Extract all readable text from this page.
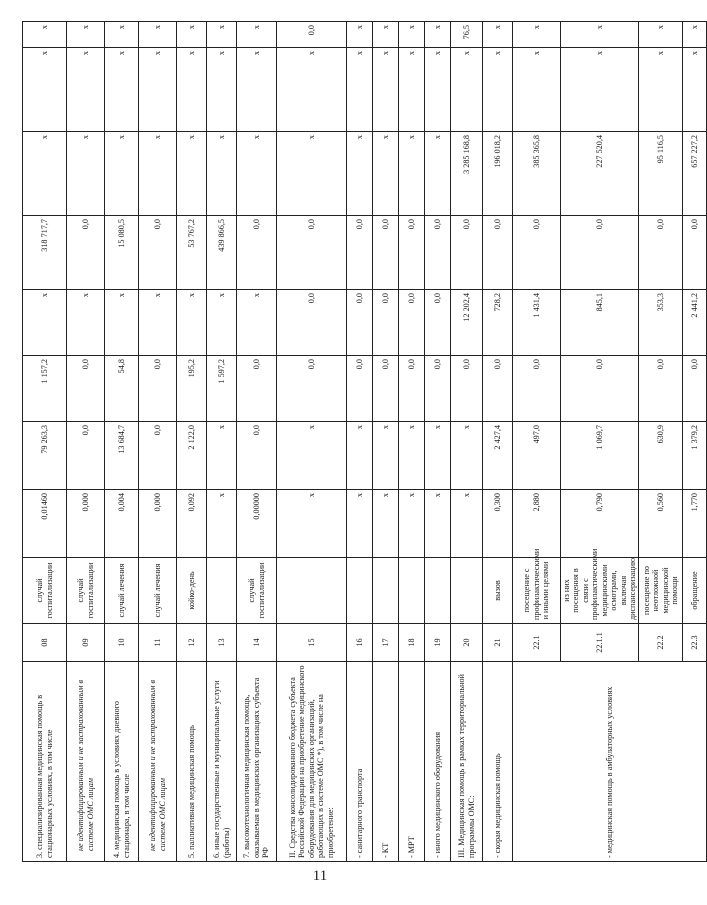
3. специализированная медицинская помощь в стационарных условиях, в том числе	08	случай госпитализации	0,01460	79 263,3	1 157,2	х	318 717,7	х	х	х
не идентифицированным и не застрахованным в системе ОМС лицам	09	случай госпитализации	0,000	0,0	0,0	х	0,0	х	х	х
4. медицинская помощь в условиях дневного стационара, в том числе	10	случай лечения	0,004	13 684,7	54,8	х	15 080,5	х	х	х
не идентифицированным и не застрахованным в системе ОМС лицам	11	случай лечения	0,000	0,0	0,0	х	0,0	х	х	х
5. паллиативная медицинская помощь	12	койко-день	0,092	2 122,0	195,2	х	53 767,2	х	х	х
6. иные государственные и муниципальные услуги (работы)	13		х	х	1 597,2	х	439 866,5	х	х	х
7. высокотехнологичная медицинская помощь, оказываемая в медицинских организациях субъекта РФ	14	случай госпитализации	0,00000	0,0	0,0	х	0,0	х	х	х
II. Средства консолидированного бюджета субъекта Российской Федерации на приобретение медицинского оборудования для медицинских организаций, работающих в системе ОМС *), в том числе на приобретение:	15		х	х	0,0	0,0	0,0	х	х	0,0
- санитарного транспорта	16		х	х	0,0	0,0	0,0	х	х	х
- КТ	17		х	х	0,0	0,0	0,0	х	х	х
- МРТ	18		х	х	0,0	0,0	0,0	х	х	х
- иного медицинского оборудования	19		х	х	0,0	0,0	0,0	х	х	х
III. Медицинская помощь в рамках территориальной программы ОМС:	20		х	х	0,0	12 202,4	0,0	3 285 168,8	х	76,5
- скорая медицинская помощь	21	вызов	0,300	2 427,4	0,0	728,2	0,0	196 018,2	х	х
- медицинская помощь в амбулаторных условиях	22.1	посещение с профилактическими и иными целями	2,880	497,0	0,0	1 431,4	0,0	385 365,8	х	х
	22.1.1	из них посещения в связи с профилактическими медицинскими осмотрами, включая диспансеризацию	0,790	1 069,7	0,0	845,1	0,0	227 520,4	х	х
	22.2	посещение по неотложной медицинской помощи	0,560	630,9	0,0	353,3	0,0	95 116,5	х	х
	22.3	обращение	1,770	1 379,2	0,0	2 441,2	0,0	657 227,2	х	х
11
